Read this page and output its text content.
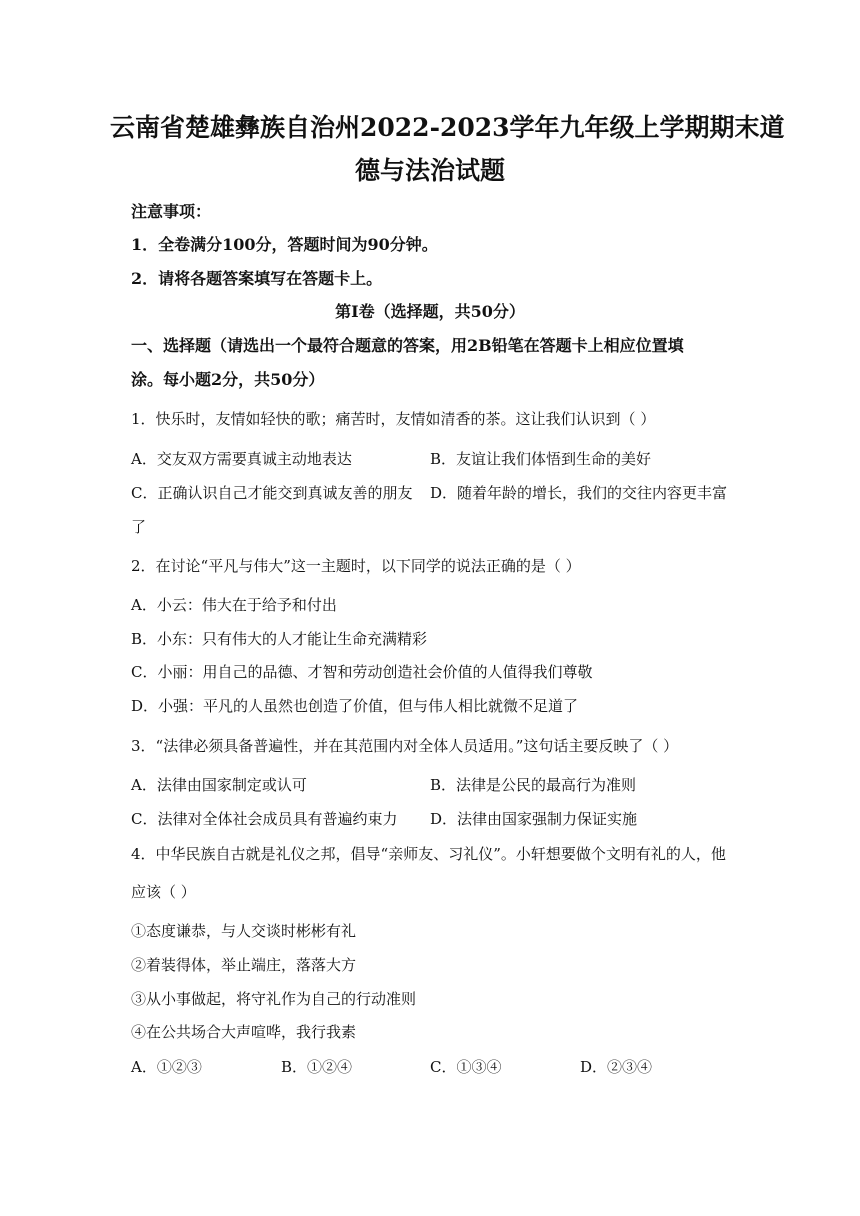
云南省楚雄彝族自治州2022-2023学年九年级上学期期末道
德与法治试题
注意事项：
1．全卷满分100分，答题时间为90分钟。
2．请将各题答案填写在答题卡上。
第Ⅰ卷（选择题，共50分）
一、选择题（请选出一个最符合题意的答案，用2B铅笔在答题卡上相应位置填
涂。每小题2分，共50分）
1．快乐时，友情如轻快的歌；痛苦时，友情如清香的茶。这让我们认识到（ ）
A．交友双方需要真诚主动地表达	B．友谊让我们体悟到生命的美好
C．正确认识自己才能交到真诚友善的朋友 D．随着年龄的增长，我们的交往内容更丰富
了
2．在讨论“平凡与伟大”这一主题时，以下同学的说法正确的是（ ）
A．小云：伟大在于给予和付出
B．小东：只有伟大的人才能让生命充满精彩
C．小丽：用自己的品德、才智和劳动创造社会价值的人值得我们尊敬
D．小强：平凡的人虽然也创造了价值，但与伟人相比就微不足道了
3．“法律必须具备普遍性，并在其范围内对全体人员适用。”这句话主要反映了（ ）
A．法律由国家制定或认可	B．法律是公民的最高行为准则
C．法律对全体社会成员具有普遍约束力 D．法律由国家强制力保证实施
4．中华民族自古就是礼仪之邦，倡导“亲师友、习礼仪”。小轩想要做个文明有礼的人，他
应该（ ）
①态度谦恭，与人交谈时彬彬有礼
②着装得体，举止端庄，落落大方
③从小事做起，将守礼作为自己的行动准则
④在公共场合大声喧哗，我行我素
A．①②③	B．①②④	C．①③④	D．②③④
